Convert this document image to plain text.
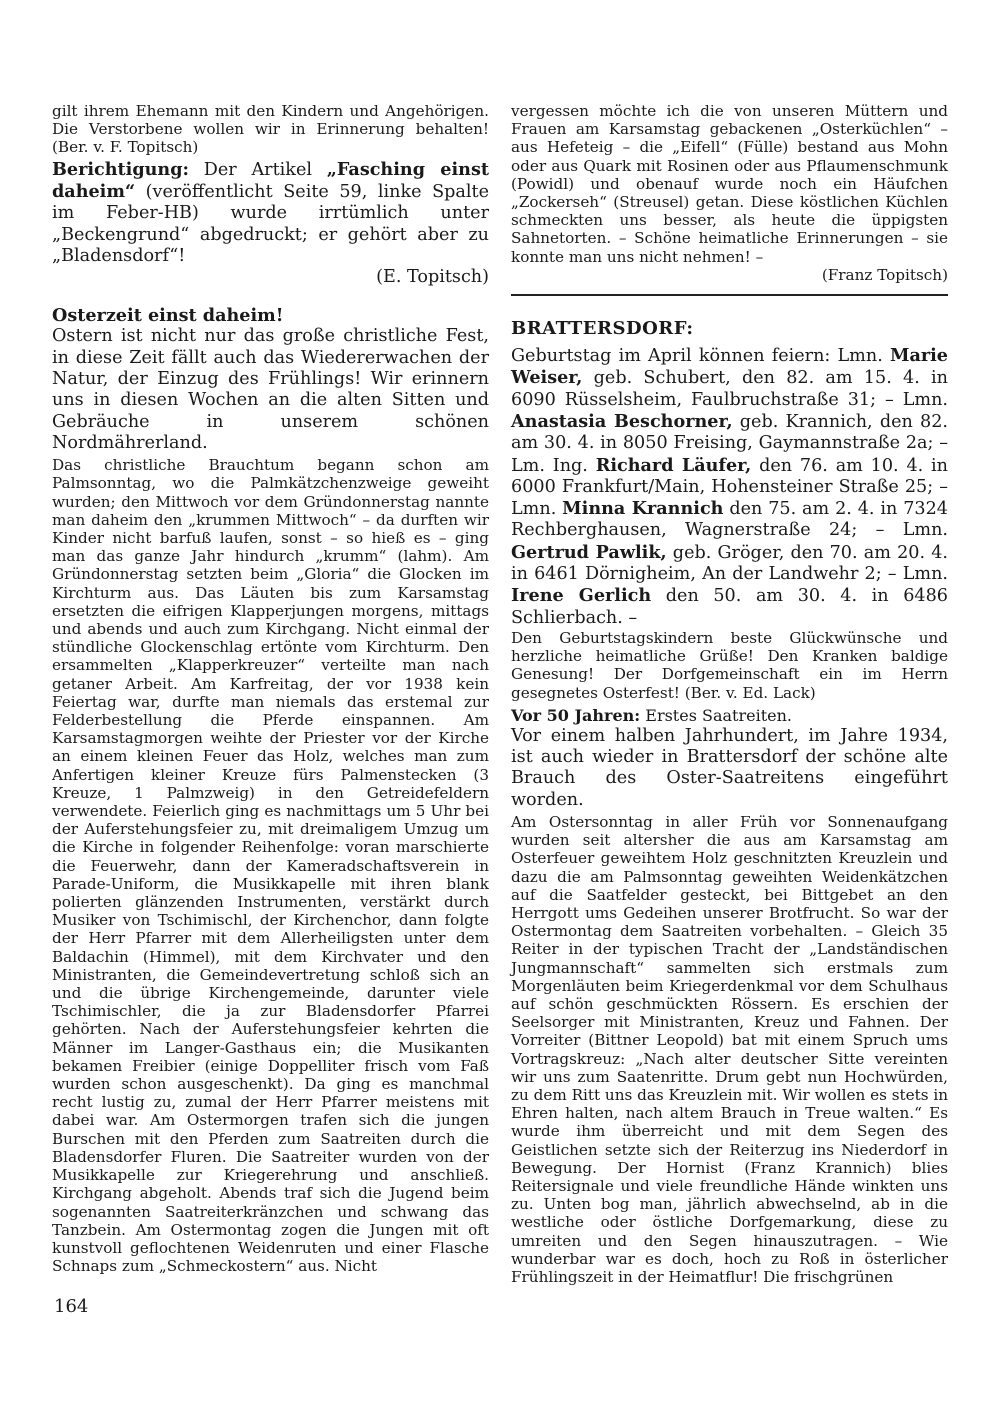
gilt ihrem Ehemann mit den Kindern und Angehörigen. Die Verstorbene wollen wir in Erinnerung behalten! (Ber. v. F. Topitsch)

Berichtigung: Der Artikel „Fasching einst daheim“ (veröffentlicht Seite 59, linke Spalte im Feber-HB) wurde irrtümlich unter „Beckengrund“ abgedruckt; er gehört aber zu „Bladensdorf“!
(E. Topitsch)

Osterzeit einst daheim!

Ostern ist nicht nur das große christliche Fest, in diese Zeit fällt auch das Wiedererwachen der Natur, der Einzug des Frühlings! Wir erinnern uns in diesen Wochen an die alten Sitten und Gebräuche in unserem schönen Nordmährerland.

Das christliche Brauchtum begann schon am Palmsonntag, wo die Palmkätzchenzweige geweiht wurden; den Mittwoch vor dem Gründonnerstag nannte man daheim den „krummen Mittwoch“ – da durften wir Kinder nicht barfuß laufen, sonst – so hieß es – ging man das ganze Jahr hindurch „krumm“ (lahm). Am Gründonnerstag setzten beim „Gloria“ die Glocken im Kirchturm aus. Das Läuten bis zum Karsamstag ersetzten die eifrigen Klapperjungen morgens, mittags und abends und auch zum Kirchgang. Nicht einmal der stündliche Glockenschlag ertönte vom Kirchturm. Den ersammelten „Klapperkreuzer“ verteilte man nach getaner Arbeit. Am Karfreitag, der vor 1938 kein Feiertag war, durfte man niemals das erstemal zur Felderbestellung die Pferde einspannen. Am Karsamstagmorgen weihte der Priester vor der Kirche an einem kleinen Feuer das Holz, welches man zum Anfertigen kleiner Kreuze fürs Palmenstecken (3 Kreuze, 1 Palmzweig) in den Getreidefeldern verwendete. Feierlich ging es nachmittags um 5 Uhr bei der Auferstehungsfeier zu, mit dreimaligem Umzug um die Kirche in folgender Reihenfolge: voran marschierte die Feuerwehr, dann der Kameradschaftsverein in Parade-Uniform, die Musikkapelle mit ihren blank polierten glänzenden Instrumenten, verstärkt durch Musiker von Tschimischl, der Kirchenchor, dann folgte der Herr Pfarrer mit dem Allerheiligsten unter dem Baldachin (Himmel), mit dem Kirchvater und den Ministranten, die Gemeindevertretung schloß sich an und die übrige Kirchengemeinde, darunter viele Tschimischler, die ja zur Bladensdorfer Pfarrei gehörten. Nach der Auferstehungsfeier kehrten die Männer im Langer-Gasthaus ein; die Musikanten bekamen Freibier (einige Doppelliter frisch vom Faß wurden schon ausgeschenkt). Da ging es manchmal recht lustig zu, zumal der Herr Pfarrer meistens mit dabei war. Am Ostermorgen trafen sich die jungen Burschen mit den Pferden zum Saatreiten durch die Bladensdorfer Fluren. Die Saatreiter wurden von der Musikkapelle zur Kriegerehrung und anschließ. Kirchgang abgeholt. Abends traf sich die Jugend beim sogenannten Saatreiterkränzchen und schwang das Tanzbein. Am Ostermontag zogen die Jungen mit oft kunstvoll geflochtenen Weidenruten und einer Flasche Schnaps zum „Schmeckostern“ aus. Nicht

vergessen möchte ich die von unseren Müttern und Frauen am Karsamstag gebackenen „Osterküchlen“ – aus Hefeteig – die „Eifell“ (Fülle) bestand aus Mohn oder aus Quark mit Rosinen oder aus Pflaumenschmunk (Powidl) und obenauf wurde noch ein Häufchen „Zockerseh“ (Streusel) getan. Diese köstlichen Küchlen schmeckten uns besser, als heute die üppigsten Sahnetorten. – Schöne heimatliche Erinnerungen – sie konnte man uns nicht nehmen! –
(Franz Topitsch)

BRATTERSDORF:

Geburtstag im April können feiern: Lmn. Marie Weiser, geb. Schubert, den 82. am 15. 4. in 6090 Rüsselsheim, Faulbruchstraße 31; – Lmn. Anastasia Beschorner, geb. Krannich, den 82. am 30. 4. in 8050 Freising, Gaymannstraße 2a; – Lm. Ing. Richard Läufer, den 76. am 10. 4. in 6000 Frankfurt/Main, Hohensteiner Straße 25; – Lmn. Minna Krannich den 75. am 2. 4. in 7324 Rechberghausen, Wagnerstraße 24; – Lmn. Gertrud Pawlik, geb. Gröger, den 70. am 20. 4. in 6461 Dörnigheim, An der Landwehr 2; – Lmn. Irene Gerlich den 50. am 30. 4. in 6486 Schlierbach. –

Den Geburtstagskindern beste Glückwünsche und herzliche heimatliche Grüße! Den Kranken baldige Genesung! Der Dorfgemeinschaft ein im Herrn gesegnetes Osterfest! (Ber. v. Ed. Lack)

Vor 50 Jahren: Erstes Saatreiten.

Vor einem halben Jahrhundert, im Jahre 1934, ist auch wieder in Brattersdorf der schöne alte Brauch des Oster-Saatreitens eingeführt worden.

Am Ostersonntag in aller Früh vor Sonnenaufgang wurden seit altersher die aus am Karsamstag am Osterfeuer geweihtem Holz geschnitzten Kreuzlein und dazu die am Palmsonntag geweihten Weidenkätzchen auf die Saatfelder gesteckt, bei Bittgebet an den Herrgott ums Gedeihen unserer Brotfrucht. So war der Ostermontag dem Saatreiten vorbehalten. – Gleich 35 Reiter in der typischen Tracht der „Landständischen Jungmannschaft“ sammelten sich erstmals zum Morgenläuten beim Kriegerdenkmal vor dem Schulhaus auf schön geschmückten Rössern. Es erschien der Seelsorger mit Ministranten, Kreuz und Fahnen. Der Vorreiter (Bittner Leopold) bat mit einem Spruch ums Vortragskreuz: „Nach alter deutscher Sitte vereinten wir uns zum Saatenritte. Drum gebt nun Hochwürden, zu dem Ritt uns das Kreuzlein mit. Wir wollen es stets in Ehren halten, nach altem Brauch in Treue walten.“ Es wurde ihm überreicht und mit dem Segen des Geistlichen setzte sich der Reiterzug ins Niederdorf in Bewegung. Der Hornist (Franz Krannich) blies Reitersignale und viele freundliche Hände winkten uns zu. Unten bog man, jährlich abwechselnd, ab in die westliche oder östliche Dorfgemarkung, diese zu umreiten und den Segen hinauszutragen. – Wie wunderbar war es doch, hoch zu Roß in österlicher Frühlingszeit in der Heimatflur! Die frischgrünen

164
